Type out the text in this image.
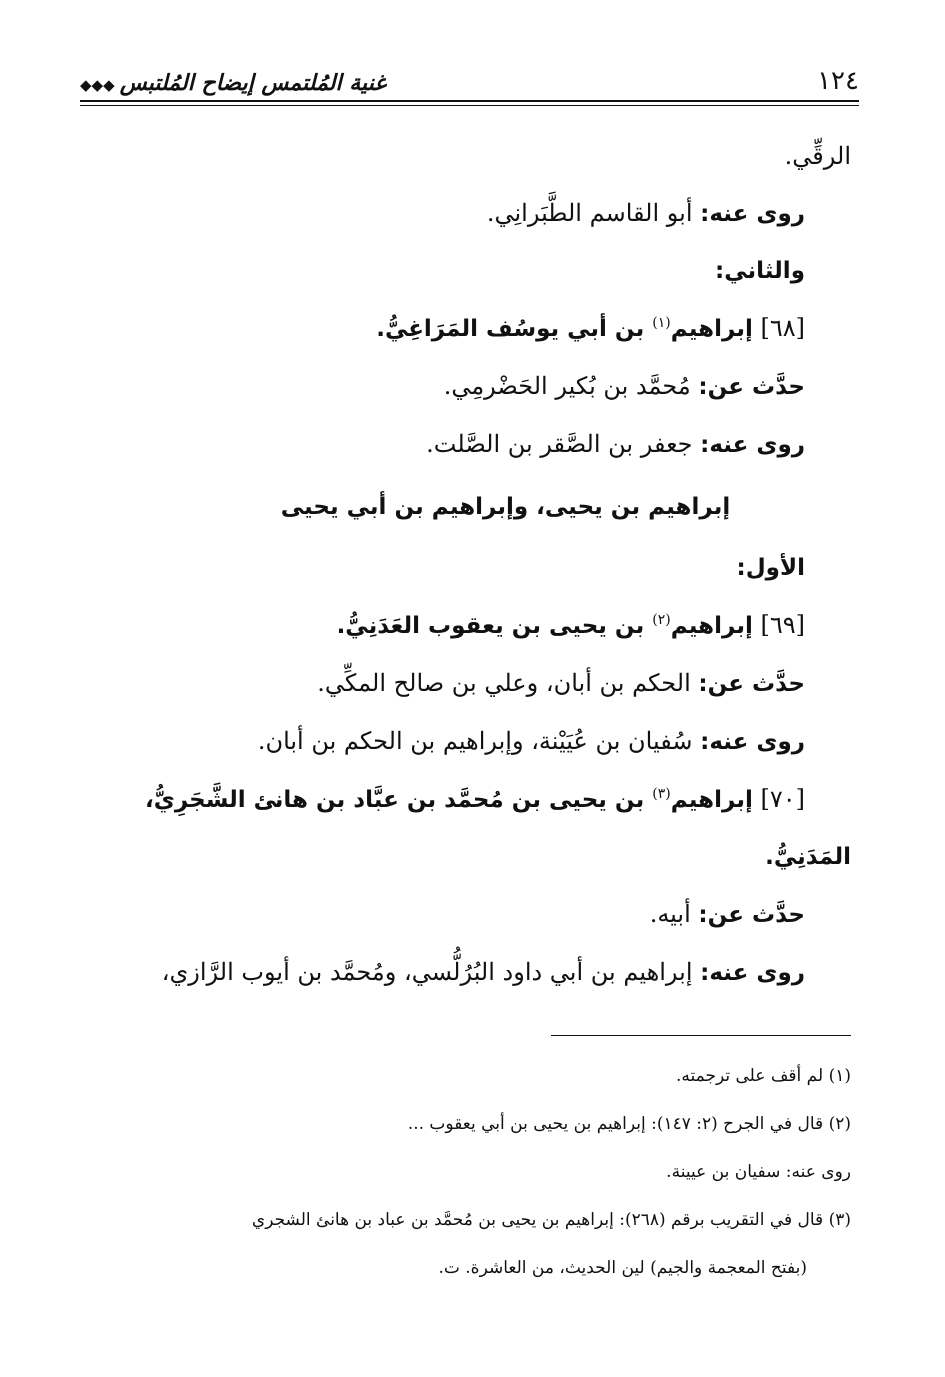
١٢٤
غنية المُلتمس إيضاح المُلتبس ◆◆◆
الرقِّي.
روى عنه: أبو القاسم الطَّبَرانِي.
والثاني:
[٦٨] إبراهيم$^{(١)}$ بن أبي يوسُف المَرَاغِيُّ.
حدَّث عن: مُحمَّد بن بُكير الحَضْرمِي.
روى عنه: جعفر بن الصَّقر بن الصَّلت.
إبراهيم بن يحيى، وإبراهيم بن أبي يحيى
الأول:
[٦٩] إبراهيم$^{(٢)}$ بن يحيى بن يعقوب العَدَنِيُّ.
حدَّث عن: الحكم بن أبان، وعلي بن صالح المكِّي.
روى عنه: سُفيان بن عُيَيْنة، وإبراهيم بن الحكم بن أبان.
[٧٠] إبراهيم$^{(٣)}$ بن يحيى بن مُحمَّد بن عبَّاد بن هانئ الشَّجَرِيُّ،
المَدَنِيُّ.
حدَّث عن: أبيه.
روى عنه: إبراهيم بن أبي داود البُرُلُّسي، ومُحمَّد بن أيوب الرَّازي،
(١) لم أقف على ترجمته.
(٢) قال في الجرح (٢: ١٤٧): إبراهيم بن يحيى بن أبي يعقوب ...
روى عنه: سفيان بن عيينة.
(٣) قال في التقريب برقم (٢٦٨): إبراهيم بن يحيى بن مُحمَّد بن عباد بن هانئ الشجري
(بفتح المعجمة والجيم) لين الحديث، من العاشرة. ت.
